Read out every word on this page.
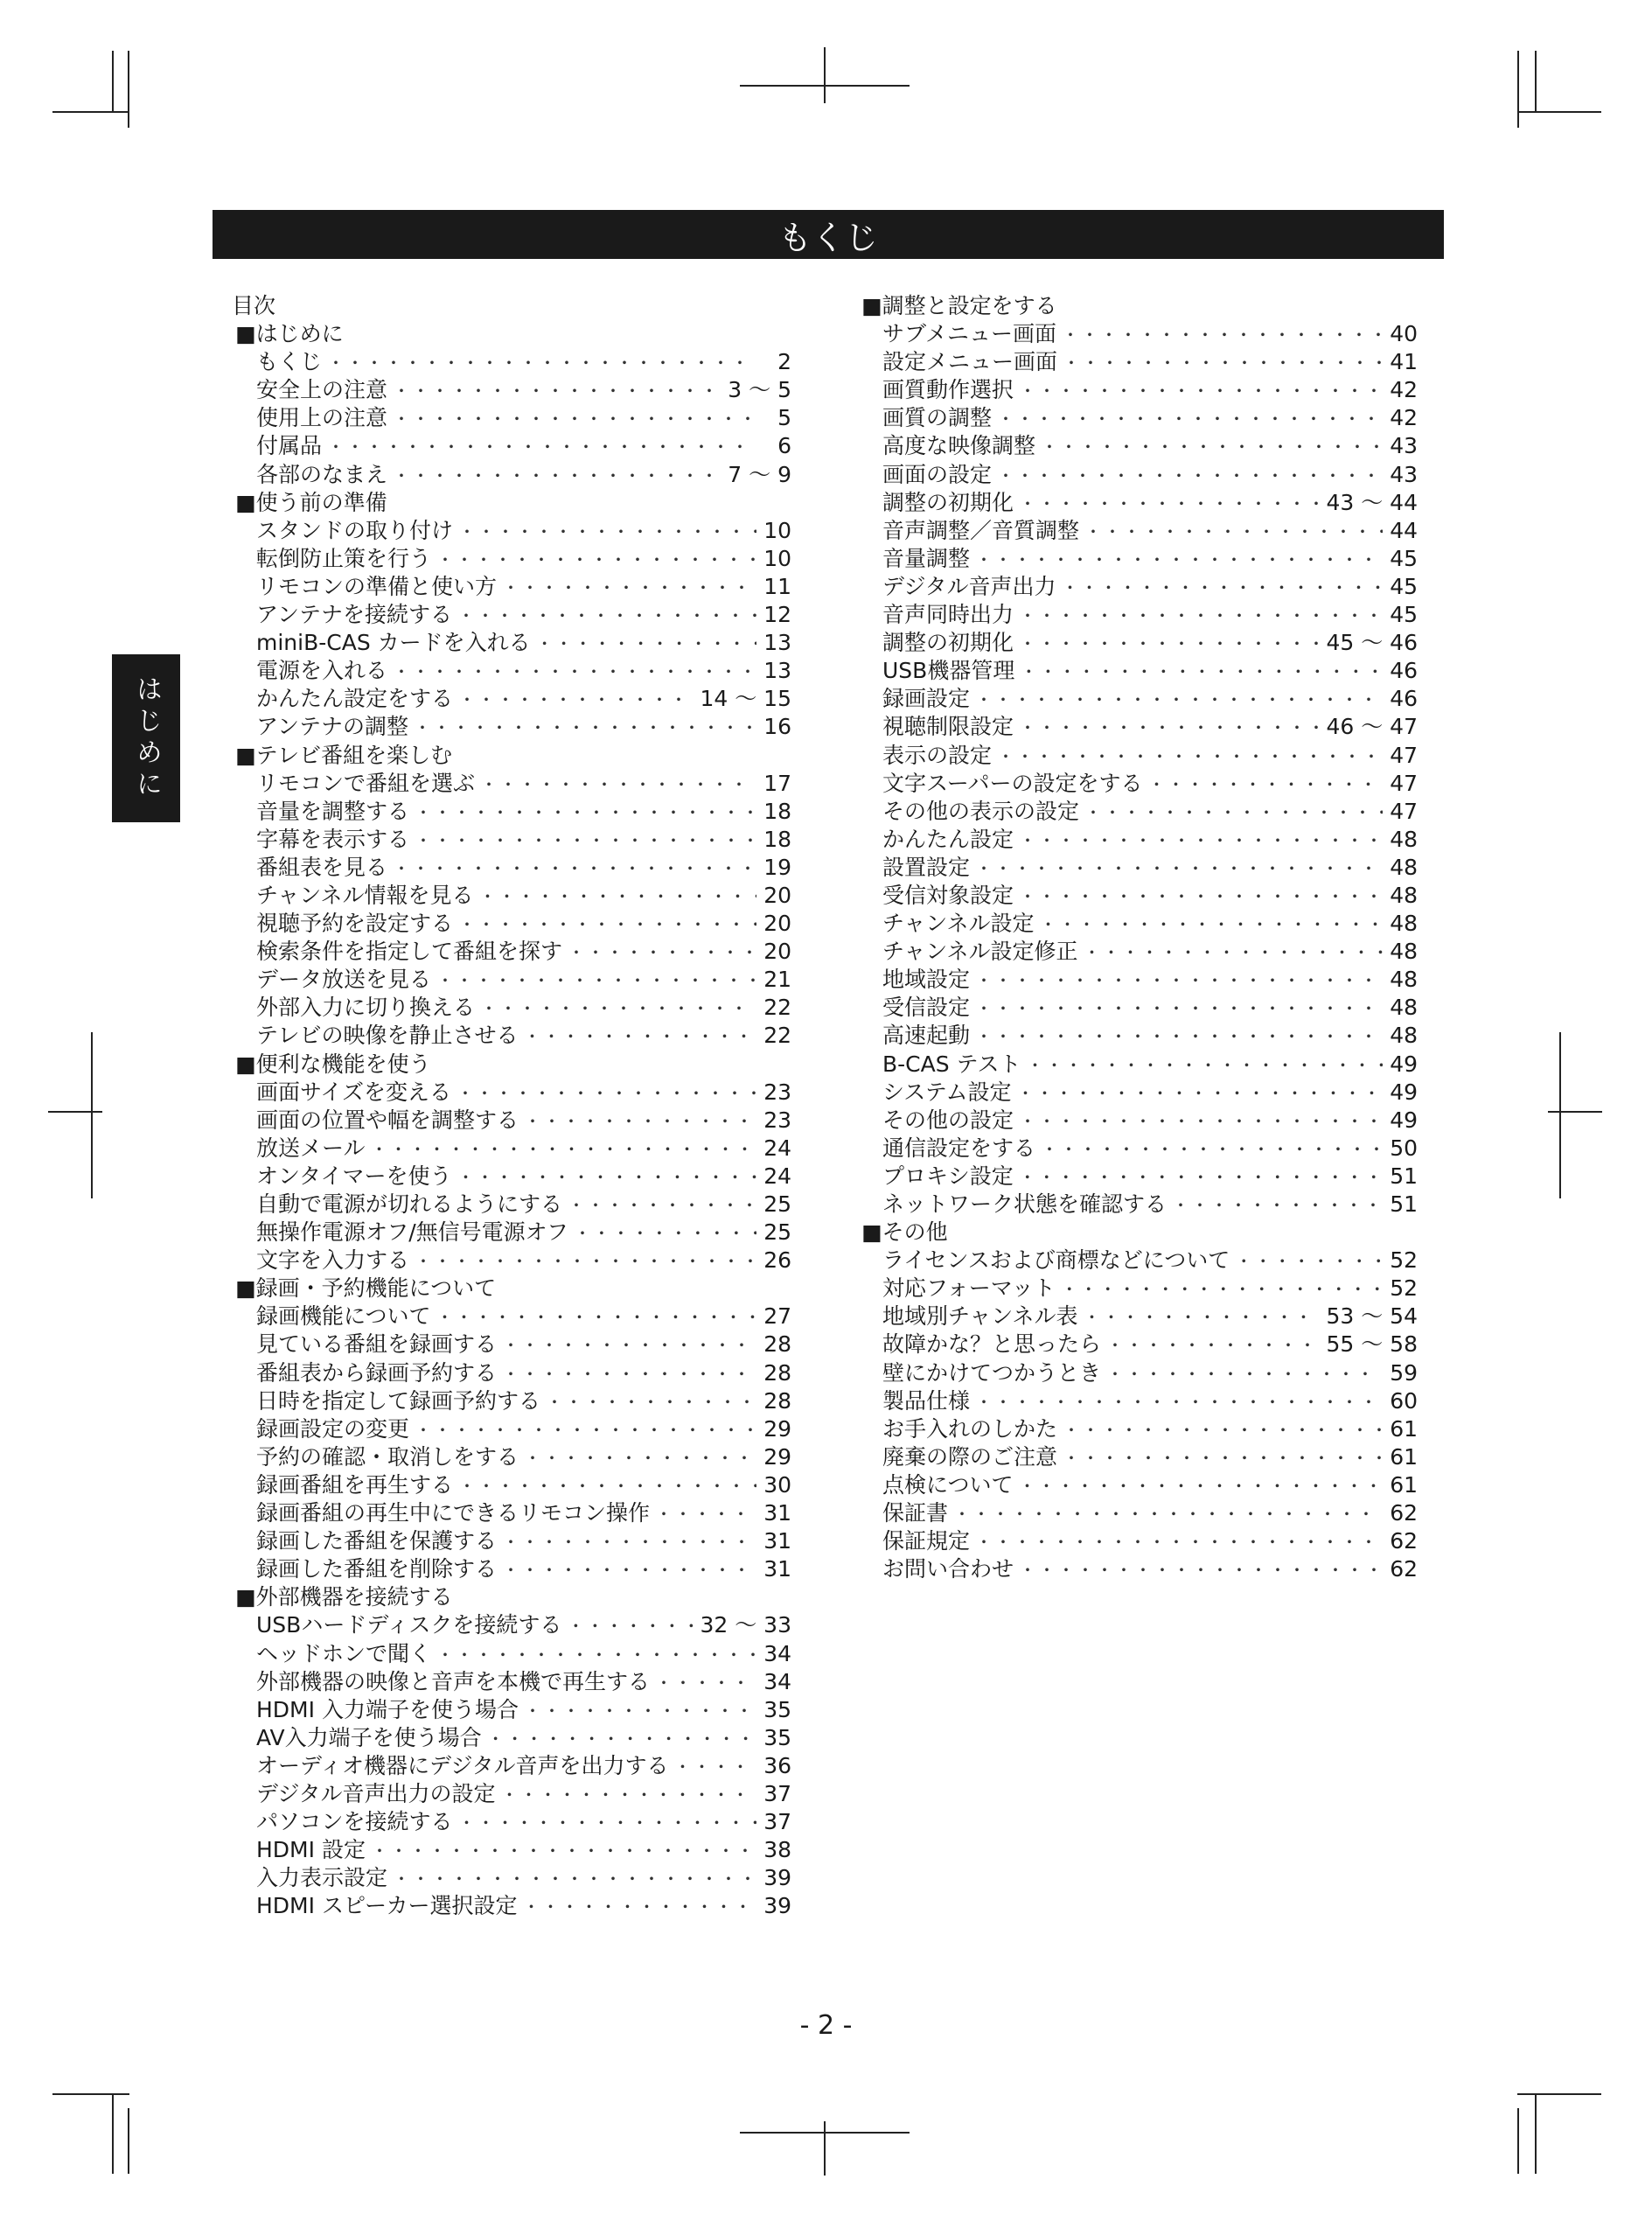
もくじ
はじめに
目次
■はじめに
もくじ ・・・・・・・・・・・・・・・・・・・・・・・・・・・・・・・・・・・・・・・・・・・・・・・・・・・・・・・・・・・・	2
安全上の注意 ・・・・・・・・・・・・・・・・・・・・・・・・・・・・・・・・・・・・・・・・・・・・・・・・・・・・・・・・・・・・	3 ～ 5
使用上の注意 ・・・・・・・・・・・・・・・・・・・・・・・・・・・・・・・・・・・・・・・・・・・・・・・・・・・・・・・・・・・・	5
付属品 ・・・・・・・・・・・・・・・・・・・・・・・・・・・・・・・・・・・・・・・・・・・・・・・・・・・・・・・・・・・・	6
各部のなまえ ・・・・・・・・・・・・・・・・・・・・・・・・・・・・・・・・・・・・・・・・・・・・・・・・・・・・・・・・・・・・	7 ～ 9
■使う前の準備
スタンドの取り付け ・・・・・・・・・・・・・・・・・・・・・・・・・・・・・・・・・・・・・・・・・・・・・・・・・・・・・・・・・・・・	10
転倒防止策を行う ・・・・・・・・・・・・・・・・・・・・・・・・・・・・・・・・・・・・・・・・・・・・・・・・・・・・・・・・・・・・	10
リモコンの準備と使い方 ・・・・・・・・・・・・・・・・・・・・・・・・・・・・・・・・・・・・・・・・・・・・・・・・・・・・・・・・・・・・	11
アンテナを接続する ・・・・・・・・・・・・・・・・・・・・・・・・・・・・・・・・・・・・・・・・・・・・・・・・・・・・・・・・・・・・	12
miniB-CAS カードを入れる ・・・・・・・・・・・・・・・・・・・・・・・・・・・・・・・・・・・・・・・・・・・・・・・・・・・・・・・・・・・・	13
電源を入れる ・・・・・・・・・・・・・・・・・・・・・・・・・・・・・・・・・・・・・・・・・・・・・・・・・・・・・・・・・・・・	13
かんたん設定をする ・・・・・・・・・・・・・・・・・・・・・・・・・・・・・・・・・・・・・・・・・・・・・・・・・・・・・・・・・・・・	14 ～ 15
アンテナの調整 ・・・・・・・・・・・・・・・・・・・・・・・・・・・・・・・・・・・・・・・・・・・・・・・・・・・・・・・・・・・・	16
■テレビ番組を楽しむ
リモコンで番組を選ぶ ・・・・・・・・・・・・・・・・・・・・・・・・・・・・・・・・・・・・・・・・・・・・・・・・・・・・・・・・・・・・	17
音量を調整する ・・・・・・・・・・・・・・・・・・・・・・・・・・・・・・・・・・・・・・・・・・・・・・・・・・・・・・・・・・・・	18
字幕を表示する ・・・・・・・・・・・・・・・・・・・・・・・・・・・・・・・・・・・・・・・・・・・・・・・・・・・・・・・・・・・・	18
番組表を見る ・・・・・・・・・・・・・・・・・・・・・・・・・・・・・・・・・・・・・・・・・・・・・・・・・・・・・・・・・・・・	19
チャンネル情報を見る ・・・・・・・・・・・・・・・・・・・・・・・・・・・・・・・・・・・・・・・・・・・・・・・・・・・・・・・・・・・・	20
視聴予約を設定する ・・・・・・・・・・・・・・・・・・・・・・・・・・・・・・・・・・・・・・・・・・・・・・・・・・・・・・・・・・・・	20
検索条件を指定して番組を探す ・・・・・・・・・・・・・・・・・・・・・・・・・・・・・・・・・・・・・・・・・・・・・・・・・・・・・・・・・・・・	20
データ放送を見る ・・・・・・・・・・・・・・・・・・・・・・・・・・・・・・・・・・・・・・・・・・・・・・・・・・・・・・・・・・・・	21
外部入力に切り換える ・・・・・・・・・・・・・・・・・・・・・・・・・・・・・・・・・・・・・・・・・・・・・・・・・・・・・・・・・・・・	22
テレビの映像を静止させる ・・・・・・・・・・・・・・・・・・・・・・・・・・・・・・・・・・・・・・・・・・・・・・・・・・・・・・・・・・・・	22
■便利な機能を使う
画面サイズを変える ・・・・・・・・・・・・・・・・・・・・・・・・・・・・・・・・・・・・・・・・・・・・・・・・・・・・・・・・・・・・	23
画面の位置や幅を調整する ・・・・・・・・・・・・・・・・・・・・・・・・・・・・・・・・・・・・・・・・・・・・・・・・・・・・・・・・・・・・	23
放送メール ・・・・・・・・・・・・・・・・・・・・・・・・・・・・・・・・・・・・・・・・・・・・・・・・・・・・・・・・・・・・	24
オンタイマーを使う ・・・・・・・・・・・・・・・・・・・・・・・・・・・・・・・・・・・・・・・・・・・・・・・・・・・・・・・・・・・・	24
自動で電源が切れるようにする ・・・・・・・・・・・・・・・・・・・・・・・・・・・・・・・・・・・・・・・・・・・・・・・・・・・・・・・・・・・・	25
無操作電源オフ/無信号電源オフ ・・・・・・・・・・・・・・・・・・・・・・・・・・・・・・・・・・・・・・・・・・・・・・・・・・・・・・・・・・・・	25
文字を入力する ・・・・・・・・・・・・・・・・・・・・・・・・・・・・・・・・・・・・・・・・・・・・・・・・・・・・・・・・・・・・	26
■録画・予約機能について
録画機能について ・・・・・・・・・・・・・・・・・・・・・・・・・・・・・・・・・・・・・・・・・・・・・・・・・・・・・・・・・・・・	27
見ている番組を録画する ・・・・・・・・・・・・・・・・・・・・・・・・・・・・・・・・・・・・・・・・・・・・・・・・・・・・・・・・・・・・	28
番組表から録画予約する ・・・・・・・・・・・・・・・・・・・・・・・・・・・・・・・・・・・・・・・・・・・・・・・・・・・・・・・・・・・・	28
日時を指定して録画予約する ・・・・・・・・・・・・・・・・・・・・・・・・・・・・・・・・・・・・・・・・・・・・・・・・・・・・・・・・・・・・	28
録画設定の変更 ・・・・・・・・・・・・・・・・・・・・・・・・・・・・・・・・・・・・・・・・・・・・・・・・・・・・・・・・・・・・	29
予約の確認・取消しをする ・・・・・・・・・・・・・・・・・・・・・・・・・・・・・・・・・・・・・・・・・・・・・・・・・・・・・・・・・・・・	29
録画番組を再生する ・・・・・・・・・・・・・・・・・・・・・・・・・・・・・・・・・・・・・・・・・・・・・・・・・・・・・・・・・・・・	30
録画番組の再生中にできるリモコン操作 ・・・・・・・・・・・・・・・・・・・・・・・・・・・・・・・・・・・・・・・・・・・・・・・・・・・・・・・・・・・・	31
録画した番組を保護する ・・・・・・・・・・・・・・・・・・・・・・・・・・・・・・・・・・・・・・・・・・・・・・・・・・・・・・・・・・・・	31
録画した番組を削除する ・・・・・・・・・・・・・・・・・・・・・・・・・・・・・・・・・・・・・・・・・・・・・・・・・・・・・・・・・・・・	31
■外部機器を接続する
USBハードディスクを接続する ・・・・・・・・・・・・・・・・・・・・・・・・・・・・・・・・・・・・・・・・・・・・・・・・・・・・・・・・・・・・	32 ～ 33
ヘッドホンで聞く ・・・・・・・・・・・・・・・・・・・・・・・・・・・・・・・・・・・・・・・・・・・・・・・・・・・・・・・・・・・・	34
外部機器の映像と音声を本機で再生する ・・・・・・・・・・・・・・・・・・・・・・・・・・・・・・・・・・・・・・・・・・・・・・・・・・・・・・・・・・・・	34
HDMI 入力端子を使う場合 ・・・・・・・・・・・・・・・・・・・・・・・・・・・・・・・・・・・・・・・・・・・・・・・・・・・・・・・・・・・・	35
AV入力端子を使う場合 ・・・・・・・・・・・・・・・・・・・・・・・・・・・・・・・・・・・・・・・・・・・・・・・・・・・・・・・・・・・・	35
オーディオ機器にデジタル音声を出力する ・・・・・・・・・・・・・・・・・・・・・・・・・・・・・・・・・・・・・・・・・・・・・・・・・・・・・・・・・・・・	36
デジタル音声出力の設定 ・・・・・・・・・・・・・・・・・・・・・・・・・・・・・・・・・・・・・・・・・・・・・・・・・・・・・・・・・・・・	37
パソコンを接続する ・・・・・・・・・・・・・・・・・・・・・・・・・・・・・・・・・・・・・・・・・・・・・・・・・・・・・・・・・・・・	37
HDMI 設定 ・・・・・・・・・・・・・・・・・・・・・・・・・・・・・・・・・・・・・・・・・・・・・・・・・・・・・・・・・・・・	38
入力表示設定 ・・・・・・・・・・・・・・・・・・・・・・・・・・・・・・・・・・・・・・・・・・・・・・・・・・・・・・・・・・・・	39
HDMI スピーカー選択設定 ・・・・・・・・・・・・・・・・・・・・・・・・・・・・・・・・・・・・・・・・・・・・・・・・・・・・・・・・・・・・	39
■調整と設定をする
サブメニュー画面 ・・・・・・・・・・・・・・・・・・・・・・・・・・・・・・・・・・・・・・・・・・・・・・・・・・・・・・・・・・・・	40
設定メニュー画面 ・・・・・・・・・・・・・・・・・・・・・・・・・・・・・・・・・・・・・・・・・・・・・・・・・・・・・・・・・・・・	41
画質動作選択 ・・・・・・・・・・・・・・・・・・・・・・・・・・・・・・・・・・・・・・・・・・・・・・・・・・・・・・・・・・・・	42
画質の調整 ・・・・・・・・・・・・・・・・・・・・・・・・・・・・・・・・・・・・・・・・・・・・・・・・・・・・・・・・・・・・	42
高度な映像調整 ・・・・・・・・・・・・・・・・・・・・・・・・・・・・・・・・・・・・・・・・・・・・・・・・・・・・・・・・・・・・	43
画面の設定 ・・・・・・・・・・・・・・・・・・・・・・・・・・・・・・・・・・・・・・・・・・・・・・・・・・・・・・・・・・・・	43
調整の初期化 ・・・・・・・・・・・・・・・・・・・・・・・・・・・・・・・・・・・・・・・・・・・・・・・・・・・・・・・・・・・・	43 ～ 44
音声調整／音質調整 ・・・・・・・・・・・・・・・・・・・・・・・・・・・・・・・・・・・・・・・・・・・・・・・・・・・・・・・・・・・・	44
音量調整 ・・・・・・・・・・・・・・・・・・・・・・・・・・・・・・・・・・・・・・・・・・・・・・・・・・・・・・・・・・・・	45
デジタル音声出力 ・・・・・・・・・・・・・・・・・・・・・・・・・・・・・・・・・・・・・・・・・・・・・・・・・・・・・・・・・・・・	45
音声同時出力 ・・・・・・・・・・・・・・・・・・・・・・・・・・・・・・・・・・・・・・・・・・・・・・・・・・・・・・・・・・・・	45
調整の初期化 ・・・・・・・・・・・・・・・・・・・・・・・・・・・・・・・・・・・・・・・・・・・・・・・・・・・・・・・・・・・・	45 ～ 46
USB機器管理 ・・・・・・・・・・・・・・・・・・・・・・・・・・・・・・・・・・・・・・・・・・・・・・・・・・・・・・・・・・・・	46
録画設定 ・・・・・・・・・・・・・・・・・・・・・・・・・・・・・・・・・・・・・・・・・・・・・・・・・・・・・・・・・・・・	46
視聴制限設定 ・・・・・・・・・・・・・・・・・・・・・・・・・・・・・・・・・・・・・・・・・・・・・・・・・・・・・・・・・・・・	46 ～ 47
表示の設定 ・・・・・・・・・・・・・・・・・・・・・・・・・・・・・・・・・・・・・・・・・・・・・・・・・・・・・・・・・・・・	47
文字スーパーの設定をする ・・・・・・・・・・・・・・・・・・・・・・・・・・・・・・・・・・・・・・・・・・・・・・・・・・・・・・・・・・・・	47
その他の表示の設定 ・・・・・・・・・・・・・・・・・・・・・・・・・・・・・・・・・・・・・・・・・・・・・・・・・・・・・・・・・・・・	47
かんたん設定 ・・・・・・・・・・・・・・・・・・・・・・・・・・・・・・・・・・・・・・・・・・・・・・・・・・・・・・・・・・・・	48
設置設定 ・・・・・・・・・・・・・・・・・・・・・・・・・・・・・・・・・・・・・・・・・・・・・・・・・・・・・・・・・・・・	48
受信対象設定 ・・・・・・・・・・・・・・・・・・・・・・・・・・・・・・・・・・・・・・・・・・・・・・・・・・・・・・・・・・・・	48
チャンネル設定 ・・・・・・・・・・・・・・・・・・・・・・・・・・・・・・・・・・・・・・・・・・・・・・・・・・・・・・・・・・・・	48
チャンネル設定修正 ・・・・・・・・・・・・・・・・・・・・・・・・・・・・・・・・・・・・・・・・・・・・・・・・・・・・・・・・・・・・	48
地域設定 ・・・・・・・・・・・・・・・・・・・・・・・・・・・・・・・・・・・・・・・・・・・・・・・・・・・・・・・・・・・・	48
受信設定 ・・・・・・・・・・・・・・・・・・・・・・・・・・・・・・・・・・・・・・・・・・・・・・・・・・・・・・・・・・・・	48
高速起動 ・・・・・・・・・・・・・・・・・・・・・・・・・・・・・・・・・・・・・・・・・・・・・・・・・・・・・・・・・・・・	48
B-CAS テスト ・・・・・・・・・・・・・・・・・・・・・・・・・・・・・・・・・・・・・・・・・・・・・・・・・・・・・・・・・・・・	49
システム設定 ・・・・・・・・・・・・・・・・・・・・・・・・・・・・・・・・・・・・・・・・・・・・・・・・・・・・・・・・・・・・	49
その他の設定 ・・・・・・・・・・・・・・・・・・・・・・・・・・・・・・・・・・・・・・・・・・・・・・・・・・・・・・・・・・・・	49
通信設定をする ・・・・・・・・・・・・・・・・・・・・・・・・・・・・・・・・・・・・・・・・・・・・・・・・・・・・・・・・・・・・	50
プロキシ設定 ・・・・・・・・・・・・・・・・・・・・・・・・・・・・・・・・・・・・・・・・・・・・・・・・・・・・・・・・・・・・	51
ネットワーク状態を確認する ・・・・・・・・・・・・・・・・・・・・・・・・・・・・・・・・・・・・・・・・・・・・・・・・・・・・・・・・・・・・	51
■その他
ライセンスおよび商標などについて ・・・・・・・・・・・・・・・・・・・・・・・・・・・・・・・・・・・・・・・・・・・・・・・・・・・・・・・・・・・・	52
対応フォーマット ・・・・・・・・・・・・・・・・・・・・・・・・・・・・・・・・・・・・・・・・・・・・・・・・・・・・・・・・・・・・	52
地域別チャンネル表 ・・・・・・・・・・・・・・・・・・・・・・・・・・・・・・・・・・・・・・・・・・・・・・・・・・・・・・・・・・・・	53 ～ 54
故障かな？と思ったら ・・・・・・・・・・・・・・・・・・・・・・・・・・・・・・・・・・・・・・・・・・・・・・・・・・・・・・・・・・・・	55 ～ 58
壁にかけてつかうとき ・・・・・・・・・・・・・・・・・・・・・・・・・・・・・・・・・・・・・・・・・・・・・・・・・・・・・・・・・・・・	59
製品仕様 ・・・・・・・・・・・・・・・・・・・・・・・・・・・・・・・・・・・・・・・・・・・・・・・・・・・・・・・・・・・・	60
お手入れのしかた ・・・・・・・・・・・・・・・・・・・・・・・・・・・・・・・・・・・・・・・・・・・・・・・・・・・・・・・・・・・・	61
廃棄の際のご注意 ・・・・・・・・・・・・・・・・・・・・・・・・・・・・・・・・・・・・・・・・・・・・・・・・・・・・・・・・・・・・	61
点検について ・・・・・・・・・・・・・・・・・・・・・・・・・・・・・・・・・・・・・・・・・・・・・・・・・・・・・・・・・・・・	61
保証書 ・・・・・・・・・・・・・・・・・・・・・・・・・・・・・・・・・・・・・・・・・・・・・・・・・・・・・・・・・・・・	62
保証規定 ・・・・・・・・・・・・・・・・・・・・・・・・・・・・・・・・・・・・・・・・・・・・・・・・・・・・・・・・・・・・	62
お問い合わせ ・・・・・・・・・・・・・・・・・・・・・・・・・・・・・・・・・・・・・・・・・・・・・・・・・・・・・・・・・・・・	62
- 2 -
